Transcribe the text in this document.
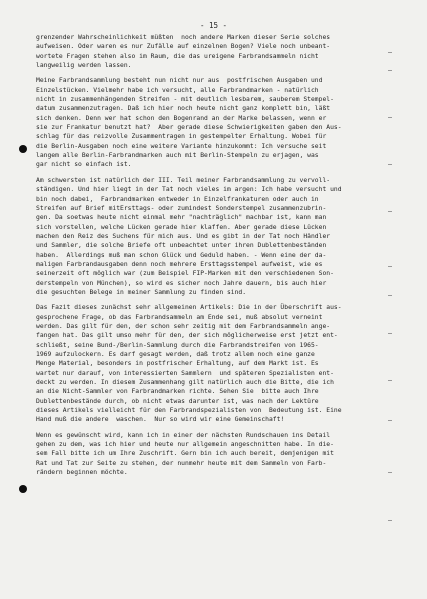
- 15 -
grenzender Wahrscheinlichkeit müßten  noch andere Marken dieser Serie solches
aufweisen. Oder waren es nur Zufälle auf einzelnen Bogen? Viele noch unbeant-
wortete Fragen stehen also im Raum, die das ureigene Farbrandsammeln nicht
langweilig werden lassen.
Meine Farbrandsammlung besteht nun nicht nur aus  postfrischen Ausgaben und
Einzelstücken. Vielmehr habe ich versucht, alle Farbrandmarken - natürlich
nicht in zusammenhängenden Streifen - mit deutlich lesbarem, sauberem Stempel-
datum zusammenzutragen. Daß ich hier noch heute nicht ganz komplett bin, läßt
sich denken. Denn wer hat schon den Bogenrand an der Marke belassen, wenn er
sie zur Frankatur benutzt hat?  Aber gerade diese Schwierigkeiten gaben den Aus-
schlag für das reizvolle Zusammentragen in gestempelter Erhaltung. Wobei für
die Berlin-Ausgaben noch eine weitere Variante hinzukommt: Ich versuche seit
langem alle Berlin-Farbrandmarken auch mit Berlin-Stempeln zu erjagen, was
gar nicht so einfach ist.
Am schwersten ist natürlich der III. Teil meiner Farbrandsammlung zu vervoll-
ständigen. Und hier liegt in der Tat noch vieles im argen: Ich habe versucht und
bin noch dabei,  Farbrandmarken entweder in Einzelfrankaturen oder auch in
Streifen auf Brief mitErsttags- oder zumindest Sonderstempel zusammenzubrin-
gen. Da soetwas heute nicht einmal mehr "nachträglich" machbar ist, kann man
sich vorstellen, welche Lücken gerade hier klaffen. Aber gerade diese Lücken
machen den Reiz des Suchens für mich aus. Und es gibt in der Tat noch Händler
und Sammler, die solche Briefe oft unbeachtet unter ihren Dublettenbeständen
haben.  Allerdings muß man schon Glück und Geduld haben. - Wenn eine der da-
maligen Farbrandausgaben denn noch mehrere Ersttagsstempel aufweist, wie es
seinerzeit oft möglich war (zum Beispiel FIP-Marken mit den verschiedenen Son-
derstempeln von München), so wird es sicher noch Jahre dauern, bis auch hier
die gesuchten Belege in meiner Sammlung zu finden sind.
Das Fazit dieses zunächst sehr allgemeinen Artikels: Die in der Überschrift aus-
gesprochene Frage, ob das Farbrandsammeln am Ende sei, muß absolut verneint
werden. Das gilt für den, der schon sehr zeitig mit dem Farbrandsammeln ange-
fangen hat. Das gilt umso mehr für den, der sich möglicherweise erst jetzt ent-
schließt, seine Bund-/Berlin-Sammlung durch die Farbrandstreifen von 1965-
1969 aufzulockern. Es darf gesagt werden, daß trotz allem noch eine ganze
Menge Material, besonders in postfrischer Erhaltung, auf dem Markt ist. Es
wartet nur darauf, von interessierten Sammlern  und späteren Spezialisten ent-
deckt zu werden. In diesem Zusammenhang gilt natürlich auch die Bitte, die ich
an die Nicht-Sammler von Farbrandmarken richte. Sehen Sie  bitte auch Ihre
Dublettenbestände durch, ob nicht etwas darunter ist, was nach der Lektüre
dieses Artikels vielleicht für den Farbrandspezialisten von  Bedeutung ist. Eine
Hand muß die andere  waschen.  Nur so wird wir eine Gemeinschaft!
Wenn es gewünscht wird, kann ich in einer der nächsten Rundschauen ins Detail
gehen zu dem, was ich hier und heute nur allgemein angeschnitten habe. In die-
sem Fall bitte ich um Ihre Zuschrift. Gern bin ich auch bereit, demjenigen mit
Rat und Tat zur Seite zu stehen, der nunmehr heute mit dem Sammeln von Farb-
rändern beginnen möchte.
